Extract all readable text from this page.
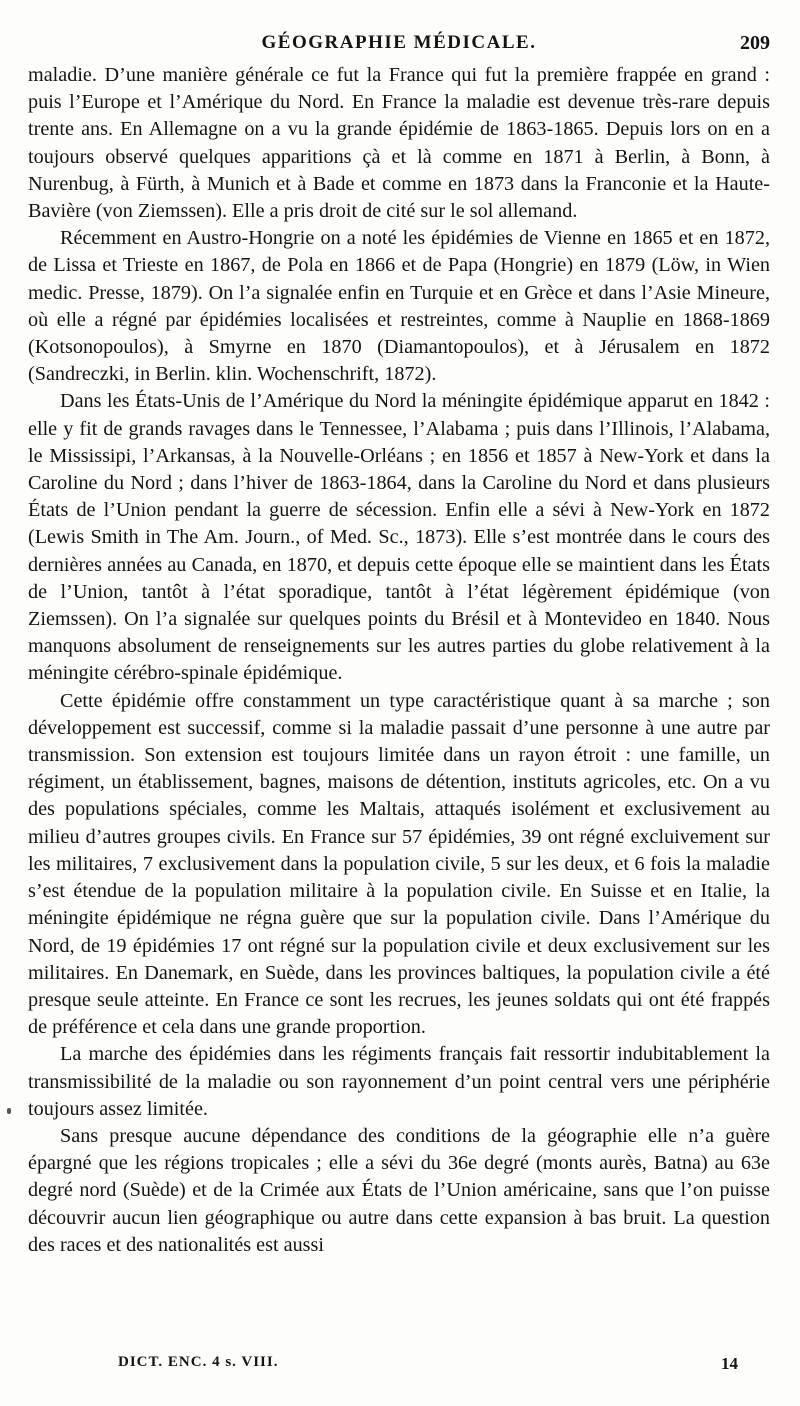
GÉOGRAPHIE MÉDICALE.	209

maladie. D’une manière générale ce fut la France qui fut la première frappée en grand : puis l’Europe et l’Amérique du Nord. En France la maladie est devenue très-rare depuis trente ans. En Allemagne on a vu la grande épidémie de 1863-1865. Depuis lors on en a toujours observé quelques apparitions çà et là comme en 1871 à Berlin, à Bonn, à Nurenbug, à Fürth, à Munich et à Bade et comme en 1873 dans la Franconie et la Haute-Bavière (von Ziemssen). Elle a pris droit de cité sur le sol allemand.

Récemment en Austro-Hongrie on a noté les épidémies de Vienne en 1865 et en 1872, de Lissa et Trieste en 1867, de Pola en 1866 et de Papa (Hongrie) en 1879 (Löw, in Wien medic. Presse, 1879). On l’a signalée enfin en Turquie et en Grèce et dans l’Asie Mineure, où elle a régné par épidémies localisées et restreintes, comme à Nauplie en 1868-1869 (Kotsonopoulos), à Smyrne en 1870 (Diamantopoulos), et à Jérusalem en 1872 (Sandreczki, in Berlin. klin. Wochenschrift, 1872).

Dans les États-Unis de l’Amérique du Nord la méningite épidémique apparut en 1842 : elle y fit de grands ravages dans le Tennessee, l’Alabama ; puis dans l’Illinois, l’Alabama, le Mississipi, l’Arkansas, à la Nouvelle-Orléans ; en 1856 et 1857 à New-York et dans la Caroline du Nord ; dans l’hiver de 1863-1864, dans la Caroline du Nord et dans plusieurs États de l’Union pendant la guerre de sécession. Enfin elle a sévi à New-York en 1872 (Lewis Smith in The Am. Journ., of Med. Sc., 1873). Elle s’est montrée dans le cours des dernières années au Canada, en 1870, et depuis cette époque elle se maintient dans les États de l’Union, tantôt à l’état sporadique, tantôt à l’état légèrement épidémique (von Ziemssen). On l’a signalée sur quelques points du Brésil et à Montevideo en 1840. Nous manquons absolument de renseignements sur les autres parties du globe relativement à la méningite cérébro-spinale épidémique.

Cette épidémie offre constamment un type caractéristique quant à sa marche ; son développement est successif, comme si la maladie passait d’une personne à une autre par transmission. Son extension est toujours limitée dans un rayon étroit : une famille, un régiment, un établissement, bagnes, maisons de détention, instituts agricoles, etc. On a vu des populations spéciales, comme les Maltais, attaqués isolément et exclusivement au milieu d’autres groupes civils. En France sur 57 épidémies, 39 ont régné excluivement sur les militaires, 7 exclusivement dans la population civile, 5 sur les deux, et 6 fois la maladie s’est étendue de la population militaire à la population civile. En Suisse et en Italie, la méningite épidémique ne régna guère que sur la population civile. Dans l’Amérique du Nord, de 19 épidémies 17 ont régné sur la population civile et deux exclusivement sur les militaires. En Danemark, en Suède, dans les provinces baltiques, la population civile a été presque seule atteinte. En France ce sont les recrues, les jeunes soldats qui ont été frappés de préférence et cela dans une grande proportion.

La marche des épidémies dans les régiments français fait ressortir indubitablement la transmissibilité de la maladie ou son rayonnement d’un point central vers une périphérie toujours assez limitée.

Sans presque aucune dépendance des conditions de la géographie elle n’a guère épargné que les régions tropicales ; elle a sévi du 36e degré (monts aurès, Batna) au 63e degré nord (Suède) et de la Crimée aux États de l’Union américaine, sans que l’on puisse découvrir aucun lien géographique ou autre dans cette expansion à bas bruit. La question des races et des nationalités est aussi

DICT. ENC. 4 s. VIII.	14
